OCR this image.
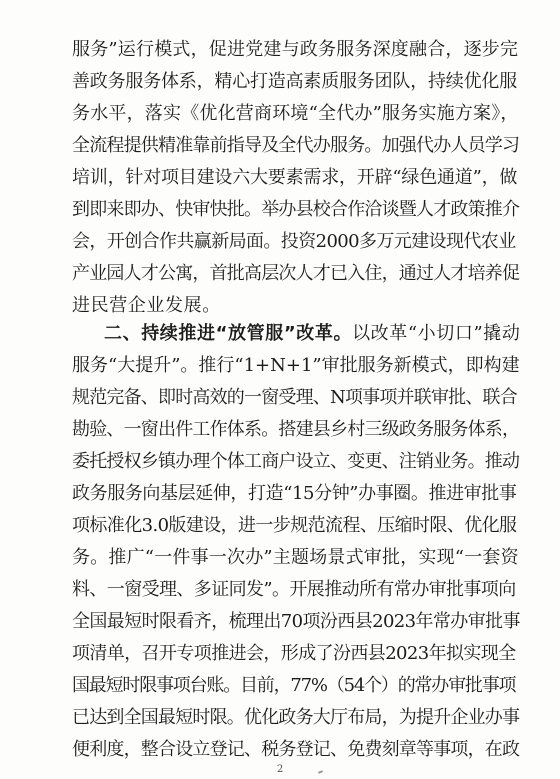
服务”运行模式，促进党建与政务服务深度融合，逐步完
善政务服务体系，精心打造高素质服务团队，持续优化服
务水平，落实《优化营商环境“全代办”服务实施方案》，
全流程提供精准靠前指导及全代办服务。加强代办人员学习
培训，针对项目建设六大要素需求，开辟“绿色通道”，做
到即来即办、快审快批。举办县校合作洽谈暨人才政策推介
会，开创合作共赢新局面。投资2000多万元建设现代农业
产业园人才公寓，首批高层次人才已入住，通过人才培养促
进民营企业发展。
二、持续推进“放管服”改革。以改革“小切口”撬动
服务“大提升”。推行“1+N+1”审批服务新模式，即构建
规范完备、即时高效的一窗受理、N项事项并联审批、联合
勘验、一窗出件工作体系。搭建县乡村三级政务服务体系，
委托授权乡镇办理个体工商户设立、变更、注销业务。推动
政务服务向基层延伸，打造“15分钟”办事圈。推进审批事
项标准化3.0版建设，进一步规范流程、压缩时限、优化服
务。推广“一件事一次办”主题场景式审批，实现“一套资
料、一窗受理、多证同发”。开展推动所有常办审批事项向
全国最短时限看齐，梳理出70项汾西县2023年常办审批事
项清单，召开专项推进会，形成了汾西县2023年拟实现全
国最短时限事项台账。目前，77%（54个）的常办审批事项
已达到全国最短时限。优化政务大厅布局，为提升企业办事
便利度，整合设立登记、税务登记、免费刻章等事项，在政
2
